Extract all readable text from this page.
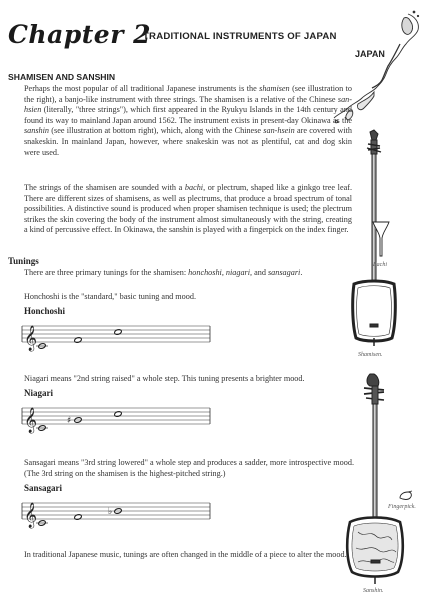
Chapter 2
TRADITIONAL INSTRUMENTS OF JAPAN
JAPAN
SHAMISEN AND SANSHIN
Perhaps the most popular of all traditional Japanese instruments is the shamisen (see illustration to the right), a banjo-like instrument with three strings. The shamisen is a relative of the Chinese san-hsien (literally, "three strings"), which first appeared in the Ryukyu Islands in the 14th century and found its way to mainland Japan around 1562. The instrument exists in present-day Okinawa as the sanshin (see illustration at bottom right), which, along with the Chinese san-hsein are covered with snakeskin. In mainland Japan, however, where snakeskin was not as plentiful, cat and dog skin were used.
The strings of the shamisen are sounded with a bachi, or plectrum, shaped like a ginkgo tree leaf. There are different sizes of shamisens, as well as plectrums, that produce a broad spectrum of tonal possibilities. A distinctive sound is produced when proper shamisen technique is used; the plectrum strikes the skin covering the body of the instrument almost simultaneously with the string, creating a kind of percussive effect. In Okinawa, the sanshin is played with a fingerpick on the index finger.
Tunings
There are three primary tunings for the shamisen: honchoshi, niagari, and sansagari.
Honchoshi is the "standard," basic tuning and mood.
Honchoshi
𝄞
Niagari means "2nd string raised" a whole step. This tuning presents a brighter mood.
Niagari
𝄞	♯
Sansagari means "3rd string lowered" a whole step and produces a sadder, more introspective mood. (The 3rd string on the shamisen is the highest-pitched string.)
Sansagari
𝄞	♭
In traditional Japanese music, tunings are often changed in the middle of a piece to alter the mood.
Bachi
Shamisen.
Fingerpick.
Sanshin.
